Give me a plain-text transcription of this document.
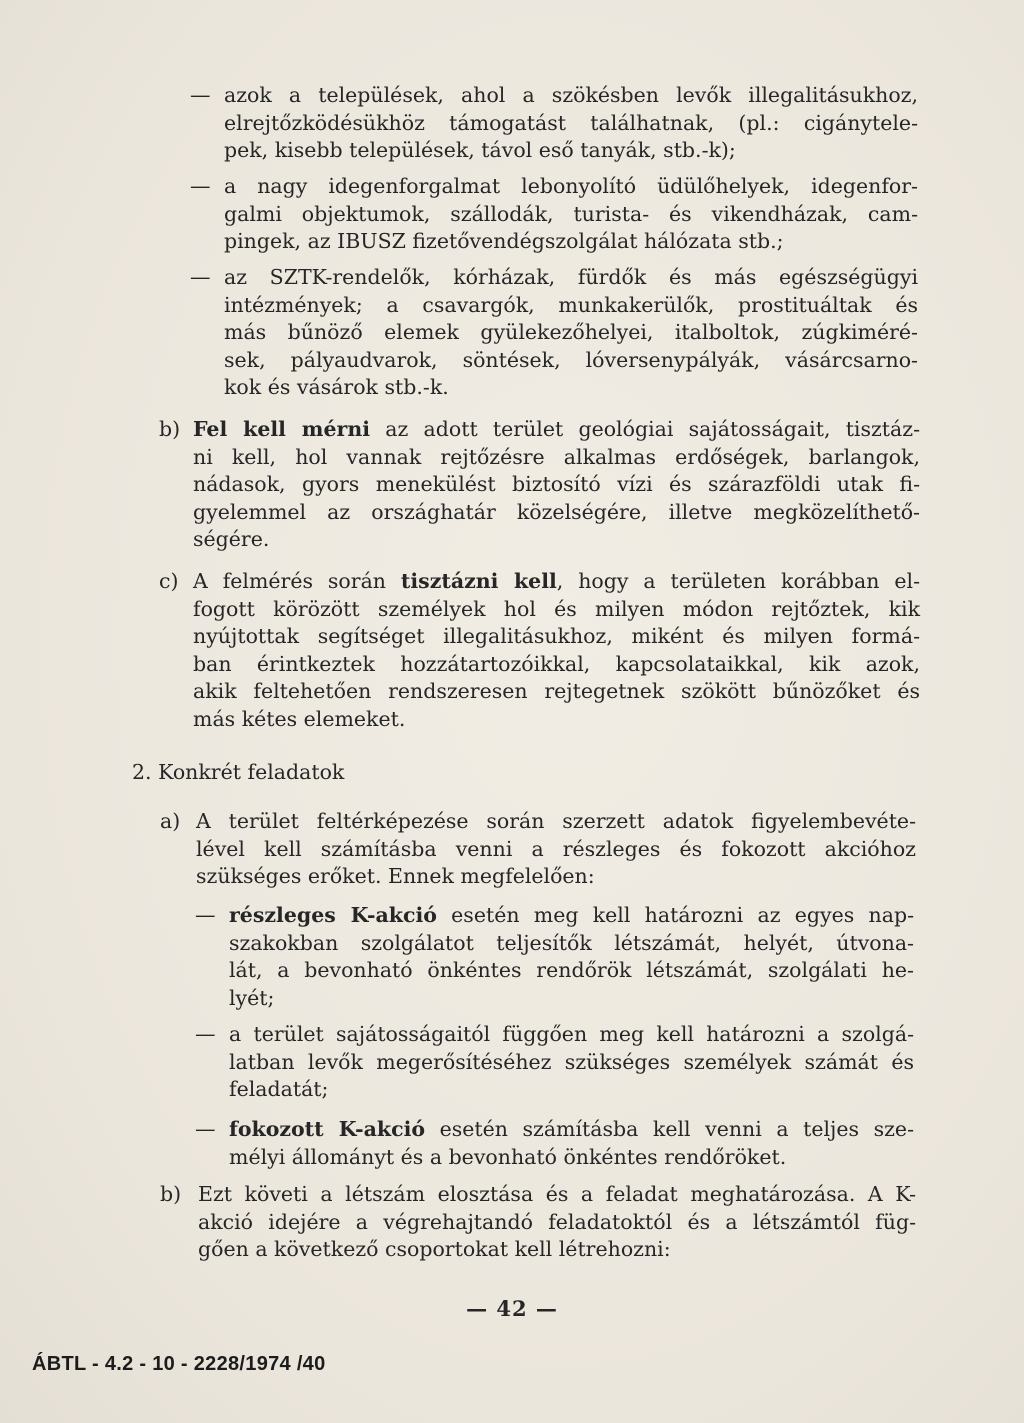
— azok a települések, ahol a szökésben levők illegalitásukhoz,
elrejtőzködésükhöz támogatást találhatnak, (pl.: cigánytele-
pek, kisebb települések, távol eső tanyák, stb.-k);
— a nagy idegenforgalmat lebonyolító üdülőhelyek, idegenfor-
galmi objektumok, szállodák, turista- és vikendházak, cam-
pingek, az IBUSZ fizetővendégszolgálat hálózata stb.;
— az SZTK-rendelők, kórházak, fürdők és más egészségügyi
intézmények; a csavargók, munkakerülők, prostituáltak és
más bűnöző elemek gyülekezőhelyei, italboltok, zúgkiméré-
sek, pályaudvarok, söntések, lóversenypályák, vásárcsarno-
kok és vásárok stb.-k.
b) Fel kell mérni az adott terület geológiai sajátosságait, tisztáz-
ni kell, hol vannak rejtőzésre alkalmas erdőségek, barlangok,
nádasok, gyors menekülést biztosító vízi és szárazföldi utak fi-
gyelemmel az országhatár közelségére, illetve megközelíthető-
ségére.
c) A felmérés során tisztázni kell, hogy a területen korábban el-
fogott körözött személyek hol és milyen módon rejtőztek, kik
nyújtottak segítséget illegalitásukhoz, miként és milyen formá-
ban érintkeztek hozzátartozóikkal, kapcsolataikkal, kik azok,
akik feltehetően rendszeresen rejtegetnek szökött bűnözőket és
más kétes elemeket.
2. Konkrét feladatok
a) A terület feltérképezése során szerzett adatok figyelembevéte-
lével kell számításba venni a részleges és fokozott akcióhoz
szükséges erőket. Ennek megfelelően:
— részleges K-akció esetén meg kell határozni az egyes nap-
szakokban szolgálatot teljesítők létszámát, helyét, útvona-
lát, a bevonható önkéntes rendőrök létszámát, szolgálati he-
lyét;
— a terület sajátosságaitól függően meg kell határozni a szolgá-
latban levők megerősítéséhez szükséges személyek számát és
feladatát;
— fokozott K-akció esetén számításba kell venni a teljes sze-
mélyi állományt és a bevonható önkéntes rendőröket.
b) Ezt követi a létszám elosztása és a feladat meghatározása. A K-
akció idejére a végrehajtandó feladatoktól és a létszámtól füg-
gően a következő csoportokat kell létrehozni:
— 42 —
ÁBTL - 4.2 - 10 - 2228/1974 /40
